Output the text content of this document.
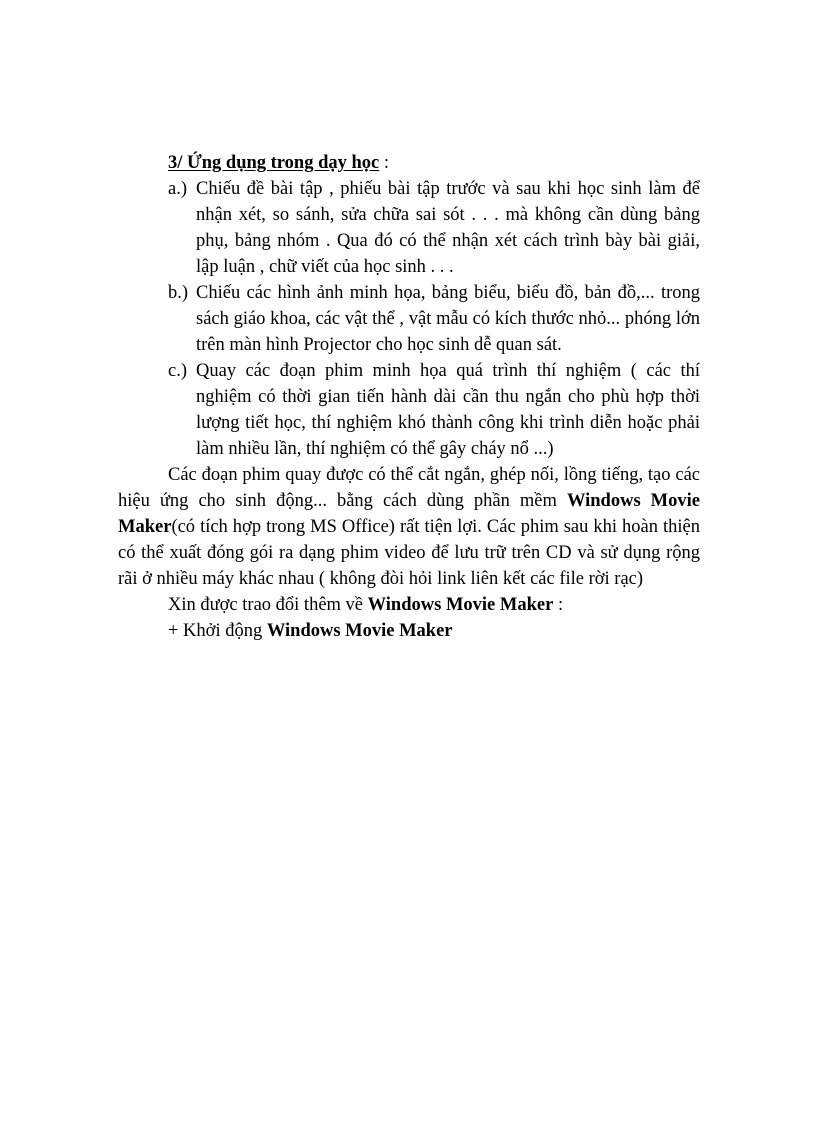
3/ Ứng dụng trong dạy học :

a.) Chiếu đề bài tập , phiếu bài tập trước và sau khi học sinh làm để nhận xét, so sánh, sửa chữa sai sót . . . mà không cần dùng bảng phụ, bảng nhóm . Qua đó có thể nhận xét cách trình bày bài giải, lập luận , chữ viết của học sinh . . .

b.) Chiếu các hình ảnh minh họa, bảng biểu, biểu đồ, bản đồ,... trong sách giáo khoa, các vật thể , vật mẫu có kích thước nhỏ... phóng lớn trên màn hình Projector cho học sinh dễ quan sát.

c.) Quay các đoạn phim minh họa quá trình thí nghiệm ( các thí nghiệm có thời gian tiến hành dài cần thu ngắn cho phù hợp thời lượng tiết học, thí nghiệm khó thành công khi trình diễn hoặc phải làm nhiều lần, thí nghiệm có thể gây cháy nổ ...)

Các đoạn phim quay được có thể cắt ngắn, ghép nối, lồng tiếng, tạo các hiệu ứng cho sinh động... bằng cách dùng phần mềm Windows Movie Maker(có tích hợp trong MS Office) rất tiện lợi. Các phim sau khi hoàn thiện có thể xuất đóng gói ra dạng phim video để lưu trữ trên CD và sử dụng rộng rãi ở nhiều máy khác nhau ( không đòi hỏi link liên kết các file rời rạc)

Xin được trao đổi thêm về Windows Movie Maker :

+ Khởi động Windows Movie Maker
